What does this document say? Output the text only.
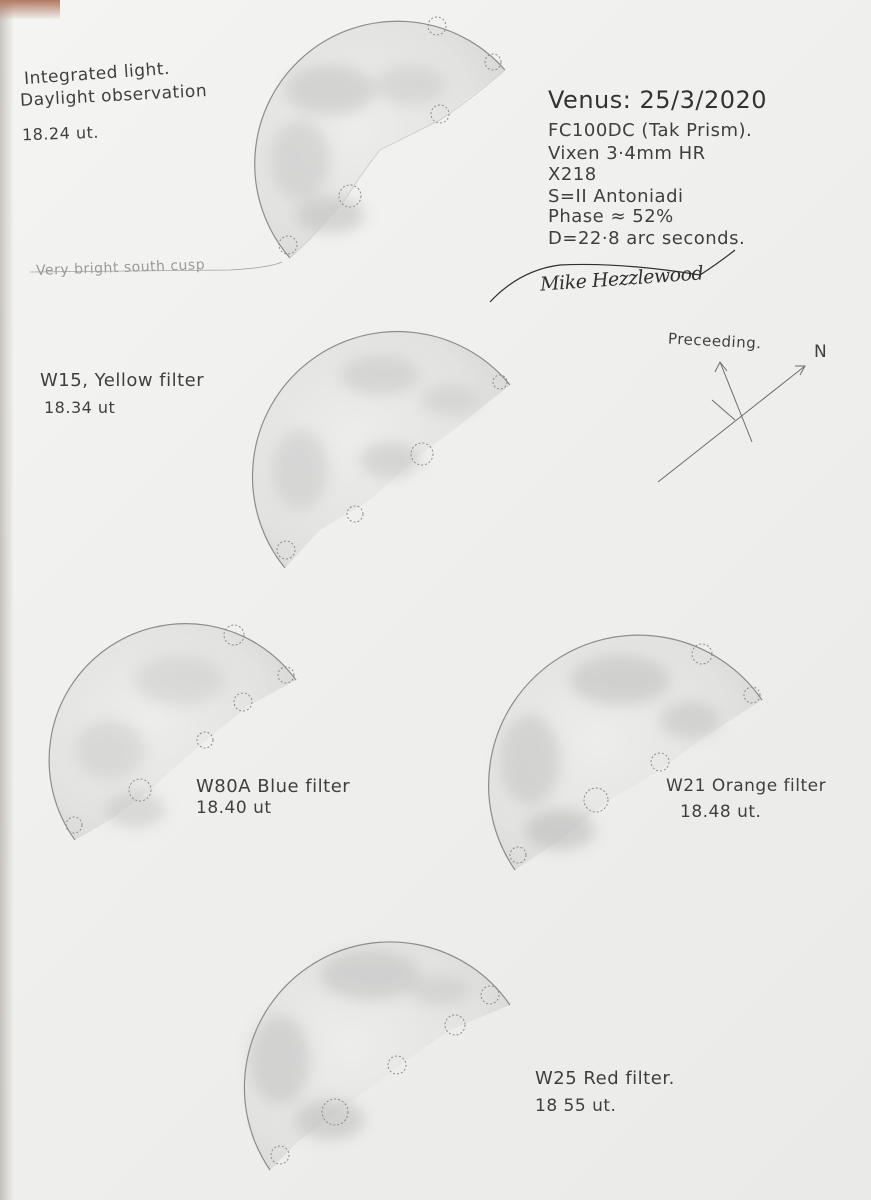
Integrated light.
Daylight observation
18.24 ut.
Very bright south cusp
Venus: 25/3/2020
FC100DC (Tak Prism).
Vixen 3·4mm HR
X218
S=II Antoniadi
Phase ≈ 52%
D=22·8 arc seconds.
Mike Hezzlewood
Preceeding.	N
W15, Yellow filter
18.34 ut
W80A Blue filter
18.40 ut
W21 Orange filter
18.48 ut.
W25 Red filter.
18 55 ut.
